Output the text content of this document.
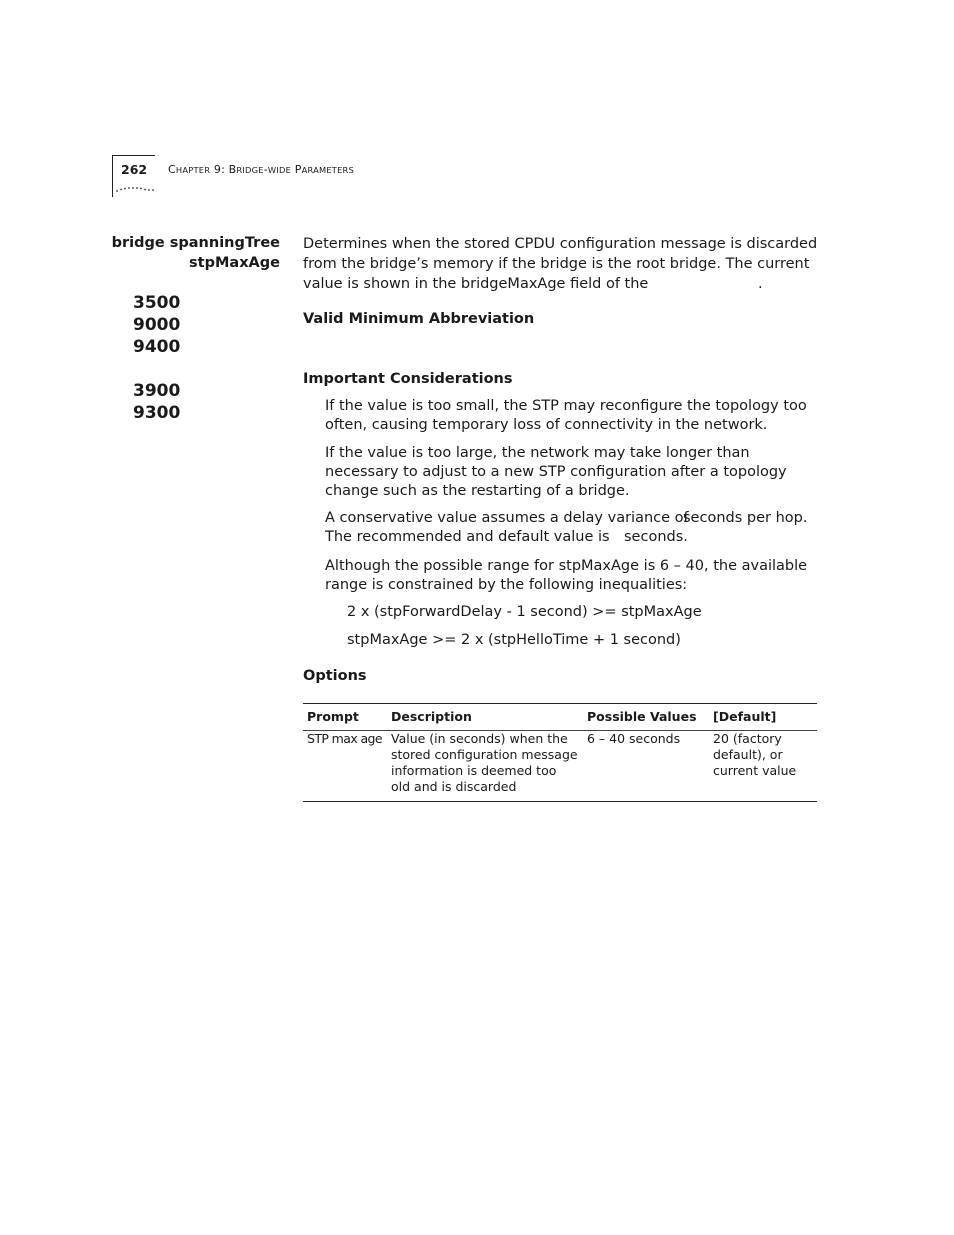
262 CHAPTER 9: BRIDGE-WIDE PARAMETERS
bridge spanningTree
stpMaxAge
3500
9000
9400
3900
9300
Determines when the stored CPDU configuration message is discarded
from the bridge’s memory if the bridge is the root bridge. The current
value is shown in the bridgeMaxAge field of the	.
Valid Minimum Abbreviation
Important Considerations
If the value is too small, the STP may reconfigure the topology too often, causing temporary loss of connectivity in the network.
If the value is too large, the network may take longer than necessary to adjust to a new STP configuration after a topology change such as the restarting of a bridge.
A conservative value assumes a delay variance of
seconds per hop.
The recommended and default value is seconds.
Although the possible range for stpMaxAge is 6 – 40, the available range is constrained by the following inequalities:
2 x (stpForwardDelay - 1 second) >= stpMaxAge
stpMaxAge >= 2 x (stpHelloTime + 1 second)
Options
Prompt	Description	Possible Values	[Default]
STP max age	Value (in seconds) when the stored configuration message information is deemed too old and is discarded	6 – 40 seconds	20 (factory default), or current value
